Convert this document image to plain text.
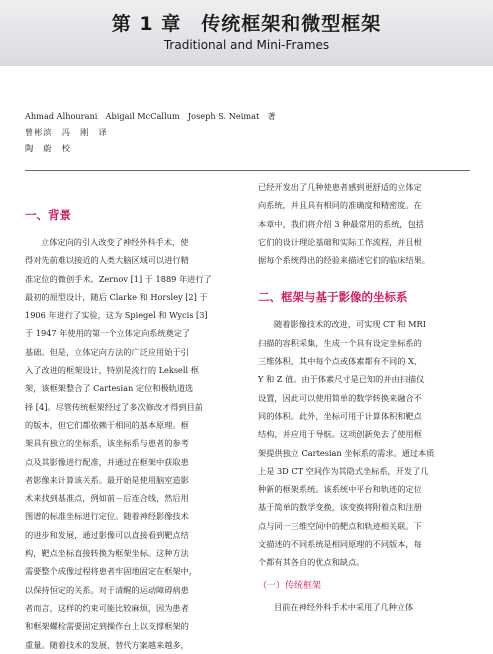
第 1 章　传统框架和微型框架
Traditional and Mini-Frames
Ahmad Alhourani　Abigail McCallum　Joseph S. Neimat　著
曾彬滨　冯　刚　译
陶　蔚　校
一、背景
立体定向的引入改变了神经外科手术，使
得对先前难以接近的人类大脑区域可以进行精
准定位的微创手术。Zernov [1] 于 1889 年进行了
最初的原型设计，随后 Clarke 和 Horsley [2] 于
1906 年进行了实验，这为 Spiegel 和 Wycis [3]
于 1947 年使用的第一个立体定向系统奠定了
基础。但是，立体定向方法的广泛应用始于引
入了改进的框架设计，特别是流行的 Leksell 框
架，该框架整合了 Cartesian 定位和极轨道选
择 [4]。尽管传统框架经过了多次修改才得到目前
的版本，但它们都依赖于相同的基本原理。框
架具有独立的坐标系，该坐标系与患者的参考
点及其影像进行配准，并通过在框架中获取患
者影像来计算该关系。最开始是使用脑室造影
术来找到基准点，例如前－后连合线，然后用
图谱的标准坐标进行定位。随着神经影像技术
的进步和发展，通过影像可以直接看到靶点结
构，靶点坐标直接转换为框架坐标。这种方法
需要整个成像过程将患者牢固地固定在框架中，
以保持恒定的关系。对于清醒的运动障碍病患
者而言，这样的约束可能比较麻烦，因为患者
和框架螺栓需要固定到操作台上以支撑框架的
重量。随着技术的发展，替代方案越来越多，
已经开发出了几种使患者感到更舒适的立体定
向系统，并且具有相同的准确度和精密度。在
本章中，我们将介绍 3 种最常用的系统，包括
它们的设计理论基础和实际工作流程，并且根
据每个系统得出的经验来描述它们的临床结果。
二、框架与基于影像的坐标系
随着影像技术的改进，可实现 CT 和 MRI
扫描的容积采集，生成一个具有设定坐标系的
三维体积，其中每个点或体素都有不同的 X、
Y 和 Z 值。由于体素尺寸是已知的并由扫描仪
设置，因此可以使用简单的数学转换来融合不
同的体积。此外，坐标可用于计算体积和靶点
结构，并应用于导航。这项创新免去了使用框
架提供独立 Cartesian 坐标系的需求。通过本质
上是 3D CT 空间作为其隐式坐标系，开发了几
种新的框架系统。该系统中平台和轨迹的定位
基于简单的数学变换，该变换将附着点和注册
点与同一三维空间中的靶点和轨迹相关联。下
文描述的不同系统是相同原理的不同版本，每
个都有其各自的优点和缺点。
（一）传统框架
目前在神经外科手术中采用了几种立体
